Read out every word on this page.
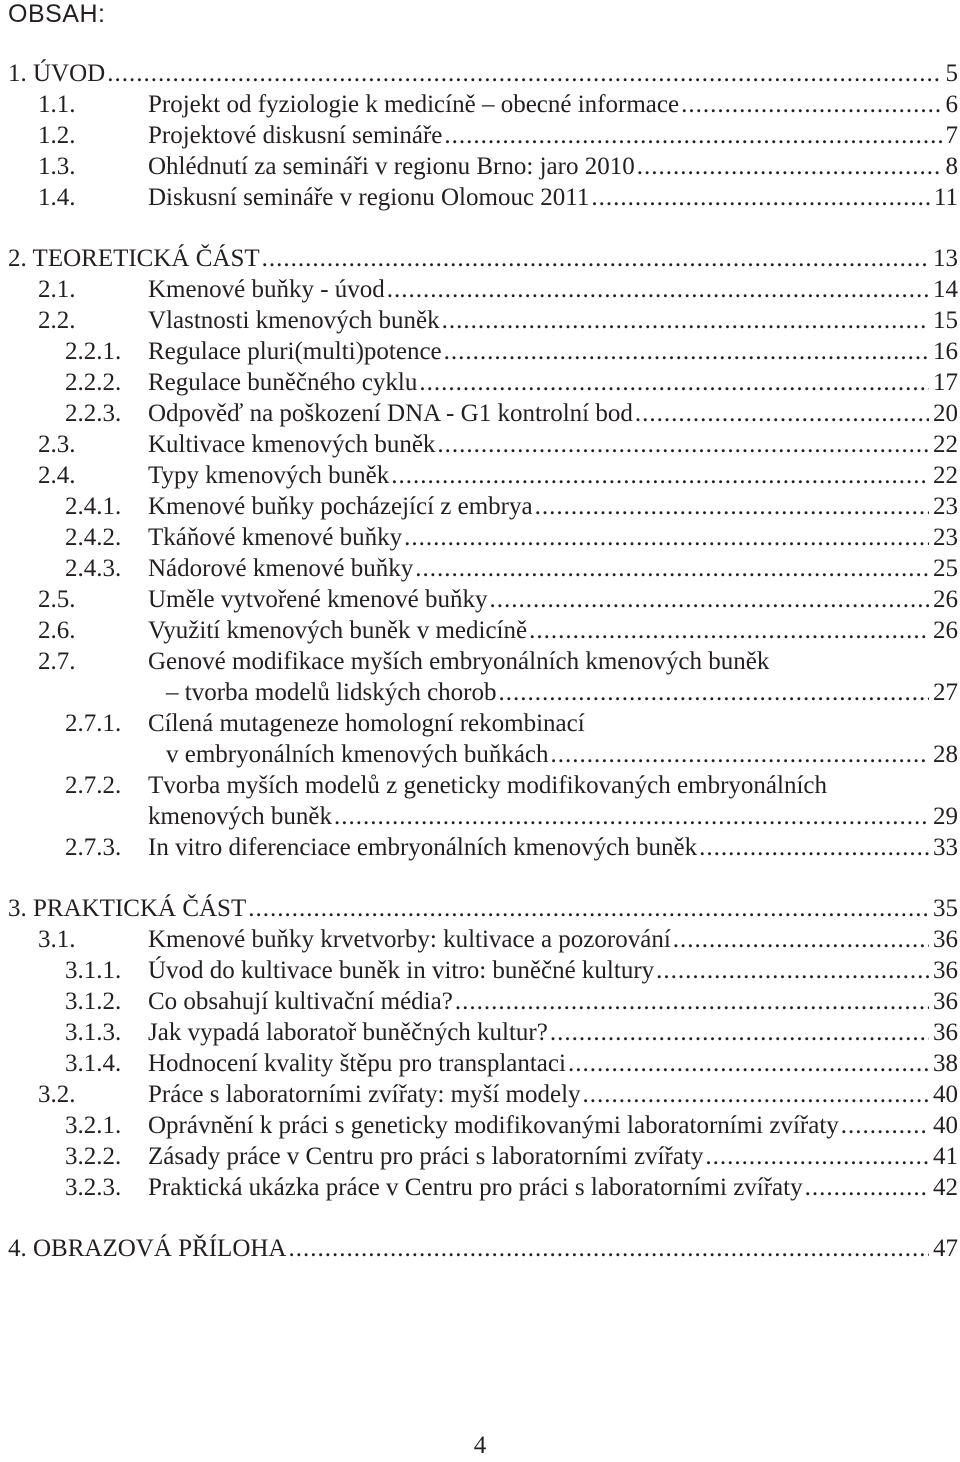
OBSAH:
1. ÚVOD .....	5
1.1.	Projekt od fyziologie k medicíně – obecné informace .....	6
1.2.	Projektové diskusní semináře .....	7
1.3.	Ohlédnutí za semináři v regionu Brno: jaro 2010 .....	8
1.4.	Diskusní semináře v regionu Olomouc 2011 .....	11
2. TEORETICKÁ ČÁST .....	13
2.1.	Kmenové buňky - úvod .....	14
2.2.	Vlastnosti kmenových buněk .....	15
2.2.1. Regulace pluri(multi)potence .....	16
2.2.2. Regulace buněčného cyklu .....	17
2.2.3. Odpověď na poškození DNA - G1 kontrolní bod .....	20
2.3.	Kultivace kmenových buněk .....	22
2.4.	Typy kmenových buněk .....	22
2.4.1. Kmenové buňky pocházející z embrya .....	23
2.4.2. Tkáňové kmenové buňky .....	23
2.4.3. Nádorové kmenové buňky .....	25
2.5.	Uměle vytvořené kmenové buňky .....	26
2.6.	Využití kmenových buněk v medicíně .....	26
2.7.	Genové modifikace myších embryonálních kmenových buněk
– tvorba modelů lidských chorob .....	27
2.7.1. Cílená mutageneze homologní rekombinací
v embryonálních kmenových buňkách .....	28
2.7.2. Tvorba myších modelů z geneticky modifikovaných embryonálních
kmenových buněk .....	29
2.7.3. In vitro diferenciace embryonálních kmenových buněk .....	33
3. PRAKTICKÁ ČÁST .....	35
3.1.	Kmenové buňky krvetvorby: kultivace a pozorování .....	36
3.1.1. Úvod do kultivace buněk in vitro: buněčné kultury .....	36
3.1.2. Co obsahují kultivační média? .....	36
3.1.3. Jak vypadá laboratoř buněčných kultur? .....	36
3.1.4. Hodnocení kvality štěpu pro transplantaci .....	38
3.2.	Práce s laboratorními zvířaty: myší modely .....	40
3.2.1. Oprávnění k práci s geneticky modifikovanými laboratorními zvířaty .....	40
3.2.2. Zásady práce v Centru pro práci s laboratorními zvířaty .....	41
3.2.3. Praktická ukázka práce v Centru pro práci s laboratorními zvířaty .....	42
4. OBRAZOVÁ PŘÍLOHA .....	47
4
